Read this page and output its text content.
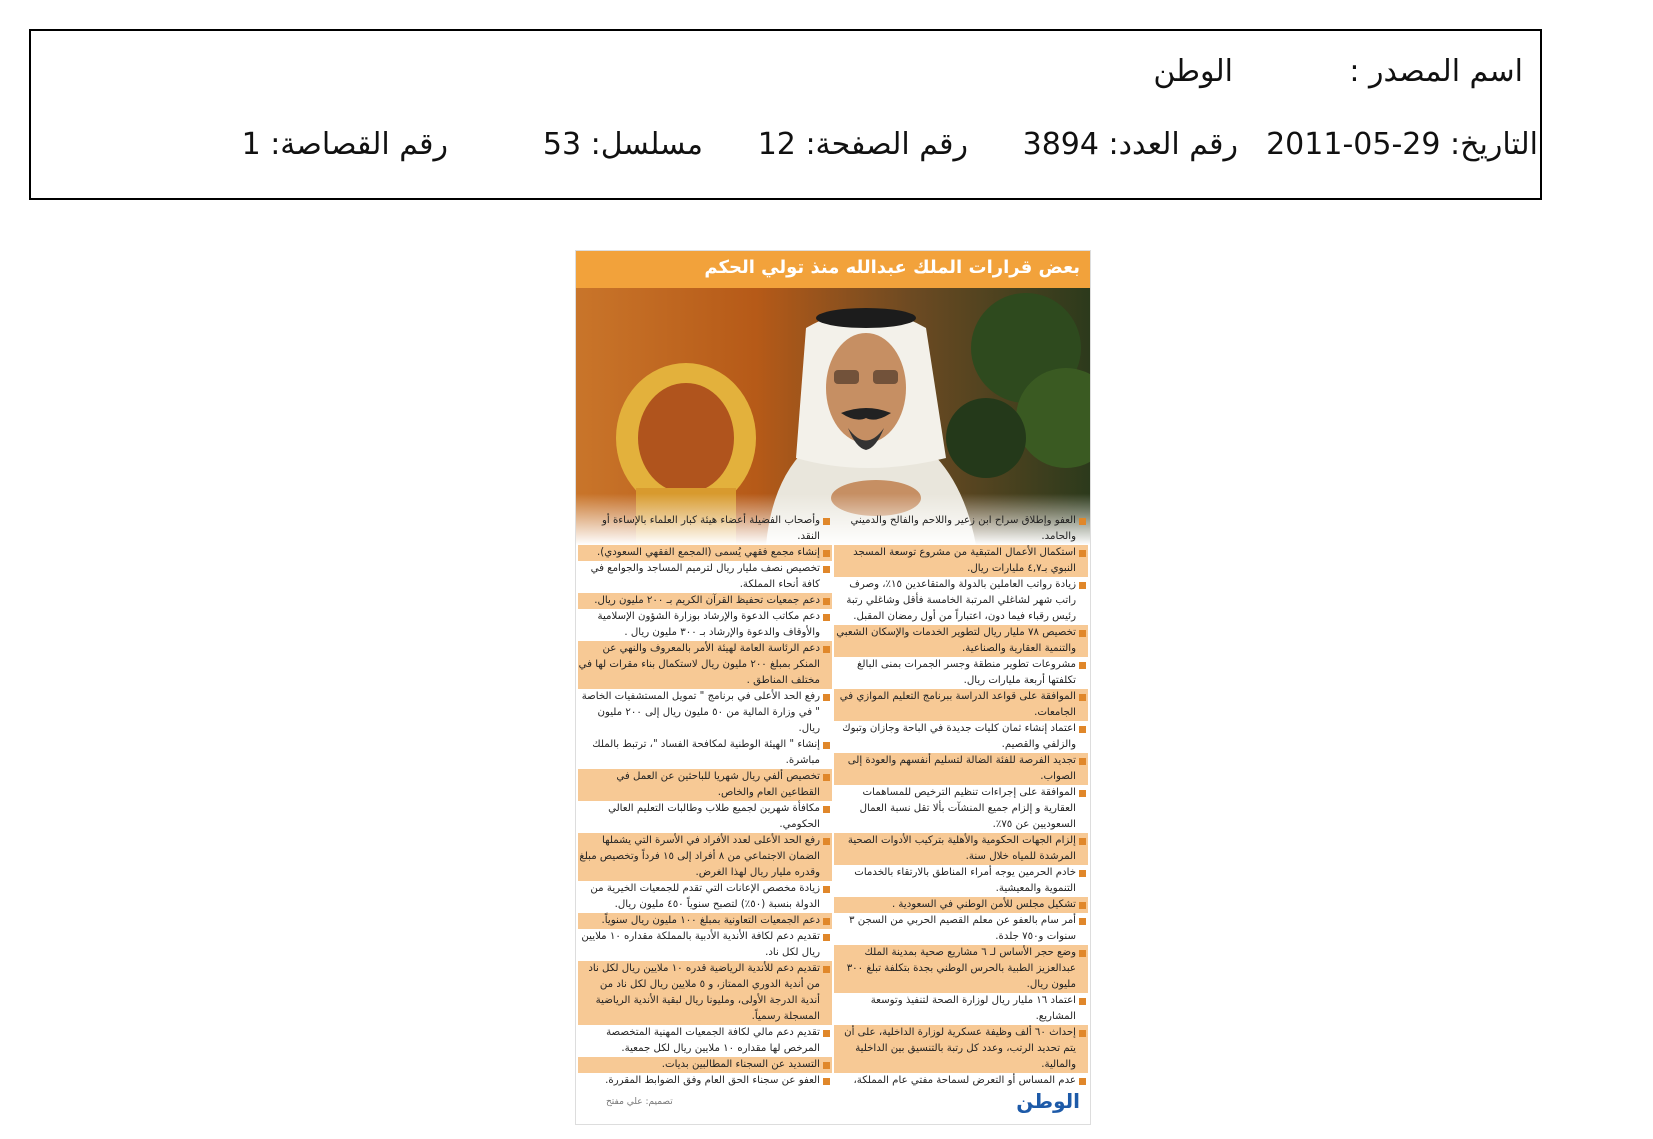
اسم المصدر :
الوطن
التاريخ: 29-05-2011
رقم العدد: 3894
رقم الصفحة: 12
مسلسل: 53
رقم القصاصة: 1
بعض قرارات الملك عبدالله منذ تولي الحكم
العفو وإطلاق سراح ابن زعير واللاحم والفالح والدميني والحامد.
استكمال الأعمال المتبقية من مشروع توسعة المسجد النبوي بـ٤,٧ مليارات ريال.
زيادة رواتب العاملين بالدولة والمتقاعدين ١٥٪، وصرف راتب شهر لشاغلي المرتبة الخامسة فأقل وشاغلي رتبة رئيس رقباء فيما دون، اعتباراً من أول رمضان المقبل.
تخصيص ٧٨ مليار ريال لتطوير الخدمات والإسكان الشعبي والتنمية العقارية والصناعية.
مشروعات تطوير منطقة وجسر الجمرات بمنى البالغ تكلفتها أربعة مليارات ريال.
الموافقة على قواعد الدراسة ببرنامج التعليم الموازي في الجامعات.
اعتماد إنشاء ثمان كليات جديدة في الباحة وجازان وتبوك والزلفي والقصيم.
تجديد الفرصة للفئة الضالة لتسليم أنفسهم والعودة إلى الصواب.
الموافقة على إجراءات تنظيم الترخيص للمساهمات العقارية و إلزام جميع المنشآت بألا تقل نسبة العمال السعوديين عن ٧٥٪.
إلزام الجهات الحكومية والأهلية بتركيب الأدوات الصحية المرشدة للمياه خلال سنة.
خادم الحرمين يوجه أمراء المناطق بالارتقاء بالخدمات التنموية والمعيشية.
تشكيل مجلس للأمن الوطني في السعودية .
أمر سام بالعفو عن معلم القصيم الحربي من السجن ٣ سنوات و٧٥٠ جلدة.
وضع حجر الأساس لـ ٦ مشاريع صحية بمدينة الملك عبدالعزيز الطبية بالحرس الوطني بجدة بتكلفة تبلغ ٣٠٠ مليون ريال.
اعتماد ١٦ مليار ريال لوزارة الصحة لتنفيذ وتوسعة المشاريع.
إحداث ٦٠ ألف وظيفة عسكرية لوزارة الداخلية، على أن يتم تحديد الرتب، وعدد كل رتبة بالتنسيق بين الداخلية والمالية.
عدم المساس أو التعرض لسماحة مفتي عام المملكة،
وأصحاب الفضيلة أعضاء هيئة كبار العلماء بالإساءة أو النقد.
إنشاء مجمع فقهي يُسمى (المجمع الفقهي السعودي).
تخصيص نصف مليار ريال لترميم المساجد والجوامع في كافة أنحاء المملكة.
دعم جمعيات تحفيظ القرآن الكريم بـ ٢٠٠ مليون ريال.
دعم مكاتب الدعوة والإرشاد بوزارة الشؤون الإسلامية والأوقاف والدعوة والإرشاد بـ ٣٠٠ مليون ريال .
دعم الرئاسة العامة لهيئة الأمر بالمعروف والنهي عن المنكر بمبلغ ٢٠٠ مليون ريال لاستكمال بناء مقرات لها في مختلف المناطق .
رفع الحد الأعلى في برنامج " تمويل المستشفيات الخاصة " في وزارة المالية من ٥٠ مليون ريال إلى ٢٠٠ مليون ريال.
إنشاء " الهيئة الوطنية لمكافحة الفساد "، ترتبط بالملك مباشرة.
تخصيص ألفي ريال شهريا للباحثين عن العمل في القطاعين العام والخاص.
مكافأة شهرين لجميع طلاب وطالبات التعليم العالي الحكومي.
رفع الحد الأعلى لعدد الأفراد في الأسرة التي يشملها الضمان الاجتماعي من ٨ أفراد إلى ١٥ فرداً وتخصيص مبلغ وقدره مليار ريال لهذا الغرض.
زيادة مخصص الإعانات التي تقدم للجمعيات الخيرية من الدولة بنسبة (٥٠٪) لتصبح سنوياً ٤٥٠ مليون ريال.
دعم الجمعيات التعاونية بمبلغ ١٠٠ مليون ريال سنوياً.
تقديم دعم لكافة الأندية الأدبية بالمملكة مقداره ١٠ ملايين ريال لكل ناد.
تقديم دعم للأندية الرياضية قدره ١٠ ملايين ريال لكل ناد من أندية الدوري الممتاز، و ٥ ملايين ريال لكل ناد من أندية الدرجة الأولى، ومليونا ريال لبقية الأندية الرياضية المسجلة رسمياً.
تقديم دعم مالي لكافة الجمعيات المهنية المتخصصة المرخص لها مقداره ١٠ ملايين ريال لكل جمعية.
التسديد عن السجناء المطالبين بديات.
العفو عن سجناء الحق العام وفق الضوابط المقررة.
تصميم: علي مفتح	الوطن
